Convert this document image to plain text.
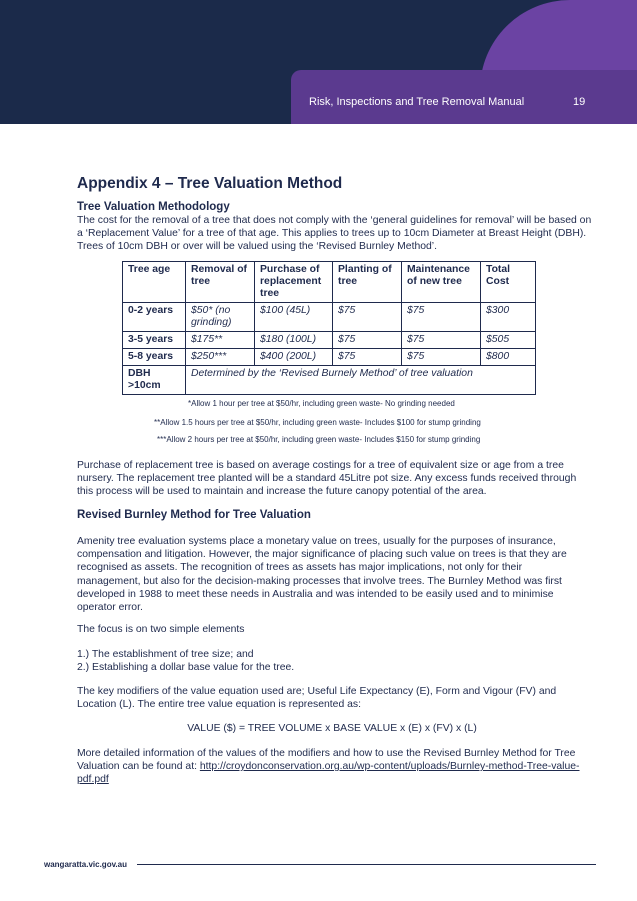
Risk, Inspections and Tree Removal Manual	19
Appendix 4 – Tree Valuation Method
Tree Valuation Methodology

The cost for the removal of a tree that does not comply with the ‘general guidelines for removal’ will be based on a ‘Replacement Value’ for a tree of that age. This applies to trees up to 10cm Diameter at Breast Height (DBH). Trees of 10cm DBH or over will be valued using the ‘Revised Burnley Method’.

Tree age	Removal of tree	Purchase of replacement tree	Planting of tree	Maintenance of new tree	Total Cost
0-2 years	$50* (no grinding)	$100 (45L)	$75	$75	$300
3-5 years	$175**	$180 (100L)	$75	$75	$505
5-8 years	$250***	$400 (200L)	$75	$75	$800
DBH >10cm	Determined by the ‘Revised Burnely Method’ of tree valuation				
*Allow 1 hour per tree at $50/hr, including green waste- No grinding needed
**Allow 1.5 hours per tree at $50/hr, including green waste- Includes $100 for stump grinding
***Allow 2 hours per tree at $50/hr, including green waste- Includes $150 for stump grinding

Purchase of replacement tree is based on average costings for a tree of equivalent size or age from a tree nursery. The replacement tree planted will be a standard 45Litre pot size. Any excess funds received through this process will be used to maintain and increase the future canopy potential of the area.

Revised Burnley Method for Tree Valuation

Amenity tree evaluation systems place a monetary value on trees, usually for the purposes of insurance, compensation and litigation. However, the major significance of placing such value on trees is that they are recognised as assets. The recognition of trees as assets has major implications, not only for their management, but also for the decision-making processes that involve trees. The Burnley Method was first developed in 1988 to meet these needs in Australia and was intended to be easily used and to minimise operator error.

The focus is on two simple elements

1.) The establishment of tree size; and

2.) Establishing a dollar base value for the tree.

The key modifiers of the value equation used are; Useful Life Expectancy (E), Form and Vigour (FV) and Location (L). The entire tree value equation is represented as:

VALUE ($) = TREE VOLUME x BASE VALUE x (E) x (FV) x (L)

More detailed information of the values of the modifiers and how to use the Revised Burnley Method for Tree Valuation can be found at: http://croydonconservation.org.au/wp-content/uploads/Burnley-method-Tree-value-pdf.pdf

wangaratta.vic.gov.au
